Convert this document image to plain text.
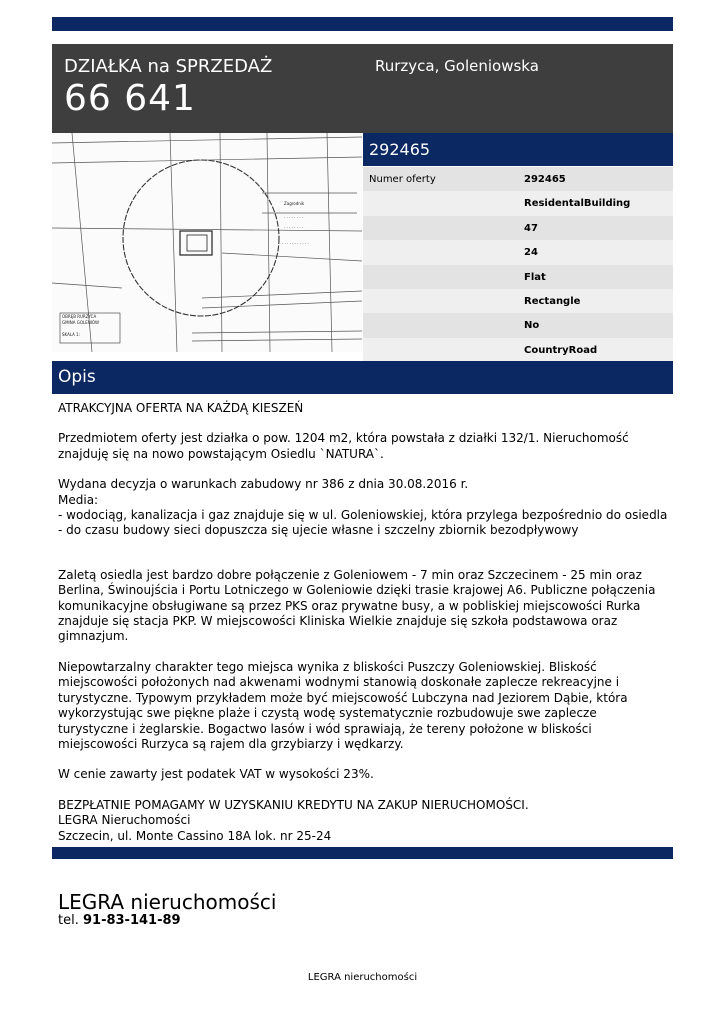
DZIAŁKA na SPRZEDAŻ
66 641
Rurzyca, Goleniowska
Zagrodnik
· · · · · · · ·
· · · · · · · ·
· · · · · · · · · · ·
OBRĘB RURZYCA
GMINA GOLENIÓW
SKALA 1:
292465
Numer oferty	292465
ResidentalBuilding
47
24
Flat
Rectangle
No
CountryRoad
Opis

ATRAKCYJNA OFERTA NA KAŻDĄ KIESZEŃ

Przedmiotem oferty jest działka o pow. 1204 m2, która powstała z działki 132/1. Nieruchomość znajduję się na nowo powstającym Osiedlu `NATURA`.

Wydana decyzja o warunkach zabudowy nr 386 z dnia 30.08.2016 r.
Media:
- wodociąg, kanalizacja i gaz znajduje się w ul. Goleniowskiej, która przylega bezpośrednio do osiedla - do czasu budowy sieci dopuszcza się ujecie własne i szczelny zbiornik bezodpływowy

Zaletą osiedla jest bardzo dobre połączenie z Goleniowem - 7 min oraz Szczecinem - 25 min oraz Berlina, Świnoujścia i Portu Lotniczego w Goleniowie dzięki trasie krajowej A6. Publiczne połączenia komunikacyjne obsługiwane są przez PKS oraz prywatne busy, a w pobliskiej miejscowości Rurka znajduje się stacja PKP. W miejscowości Kliniska Wielkie znajduje się szkoła podstawowa oraz gimnazjum.

Niepowtarzalny charakter tego miejsca wynika z bliskości Puszczy Goleniowskiej. Bliskość miejscowości położonych nad akwenami wodnymi stanowią doskonałe zaplecze rekreacyjne i turystyczne. Typowym przykładem może być miejscowość Lubczyna nad Jeziorem Dąbie, która wykorzystując swe piękne plaże i czystą wodę systematycznie rozbudowuje swe zaplecze turystyczne i żeglarskie. Bogactwo lasów i wód sprawiają, że tereny położone w bliskości miejscowości Rurzyca są rajem dla grzybiarzy i wędkarzy.

W cenie zawarty jest podatek VAT w wysokości 23%.

BEZPŁATNIE POMAGAMY W UZYSKANIU KREDYTU NA ZAKUP NIERUCHOMOŚCI.
LEGRA Nieruchomości
Szczecin, ul. Monte Cassino 18A lok. nr 25-24

LEGRA nieruchomości
tel. 91-83-141-89
LEGRA nieruchomości
